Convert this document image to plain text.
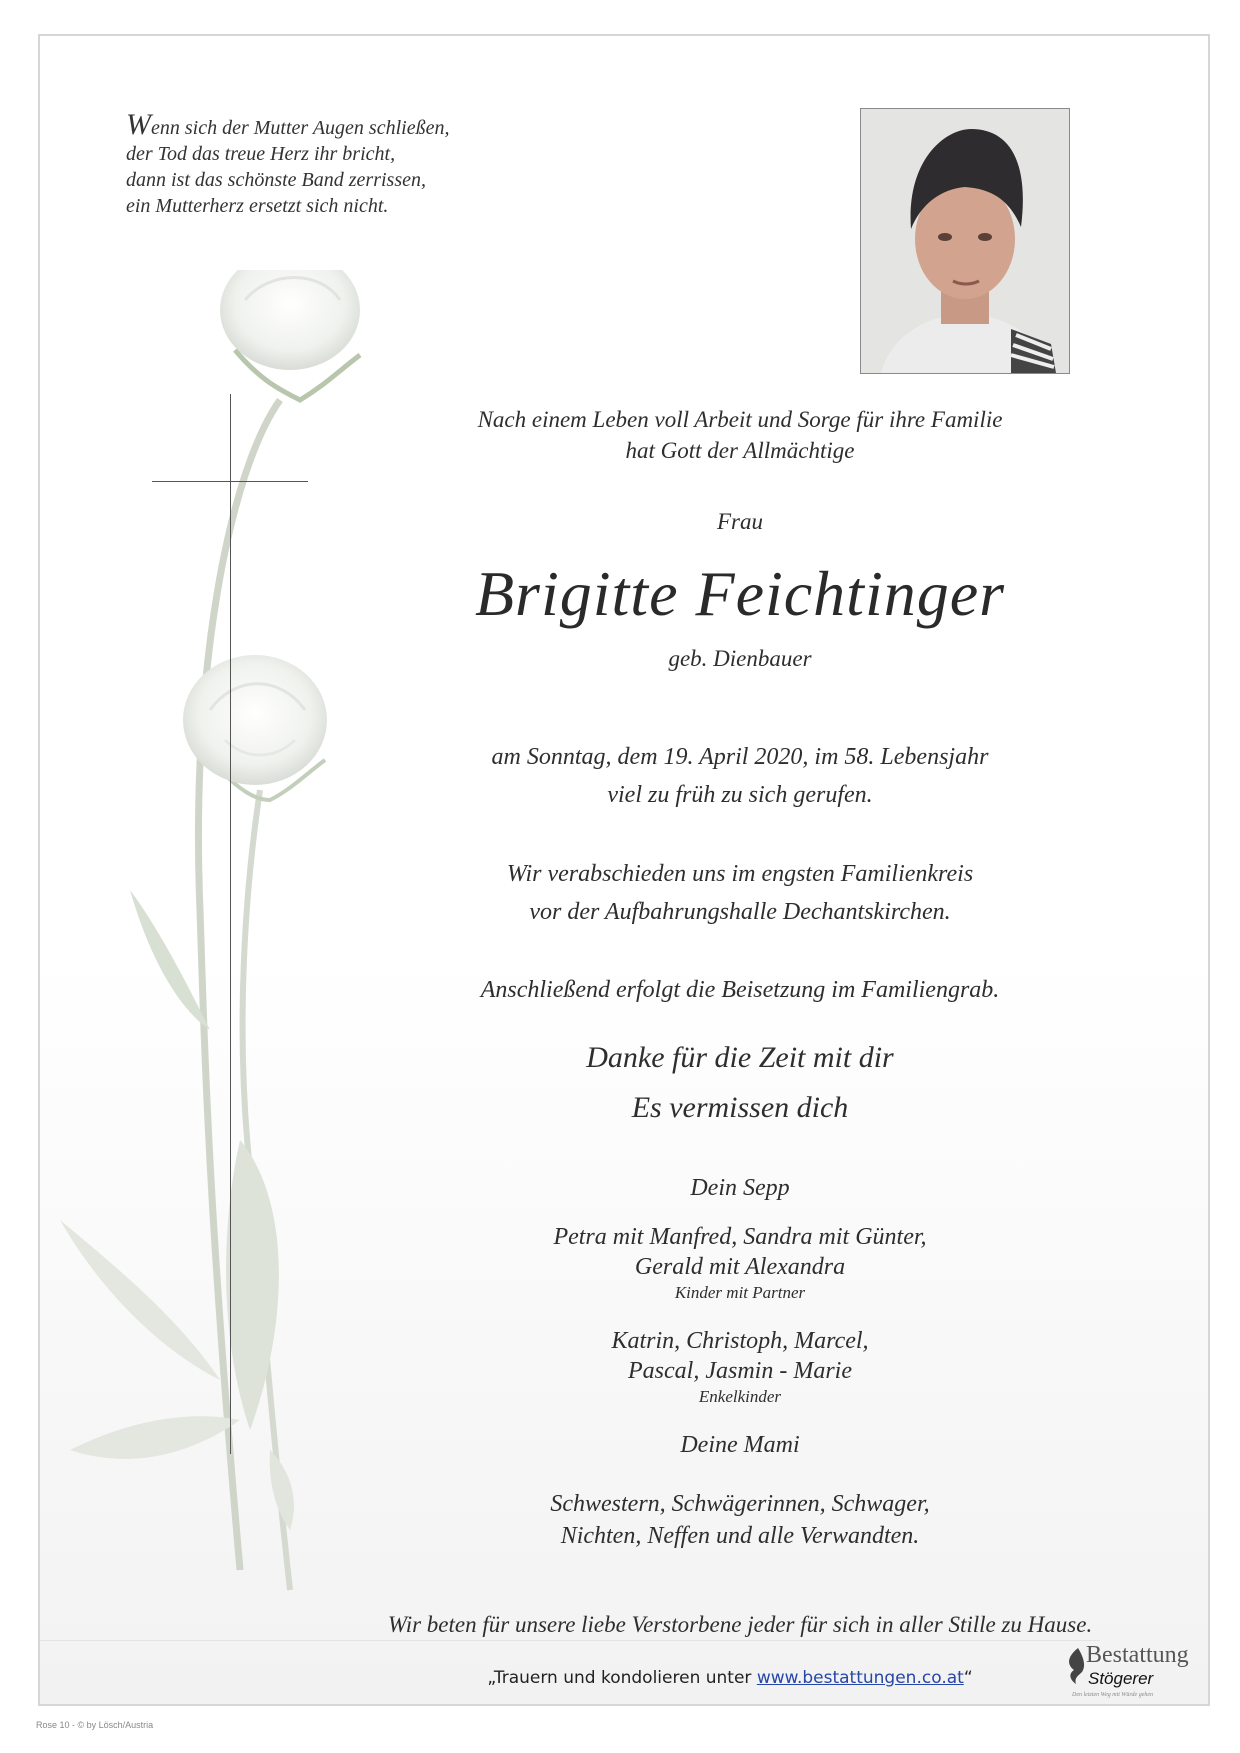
Wenn sich der Mutter Augen schließen,
der Tod das treue Herz ihr bricht,
dann ist das schönste Band zerrissen,
ein Mutterherz ersetzt sich nicht.
Nach einem Leben voll Arbeit und Sorge für ihre Familie
hat Gott der Allmächtige
Frau
Brigitte Feichtinger
geb. Dienbauer
am Sonntag, dem 19. April 2020, im 58. Lebensjahr
viel zu früh zu sich gerufen.
Wir verabschieden uns im engsten Familienkreis
vor der Aufbahrungshalle Dechantskirchen.
Anschließend erfolgt die Beisetzung im Familiengrab.
Danke für die Zeit mit dir
Es vermissen dich
Dein Sepp
Petra mit Manfred, Sandra mit Günter,
Gerald mit Alexandra
Kinder mit Partner
Katrin, Christoph, Marcel,
Pascal, Jasmin - Marie
Enkelkinder
Deine Mami
Schwestern, Schwägerinnen, Schwager,
Nichten, Neffen und alle Verwandten.
Wir beten für unsere liebe Verstorbene jeder für sich in aller Stille zu Hause.
„Trauern und kondolieren unter www.bestattungen.co.at“
Bestattung
Stögerer
Den letzten Weg mit Würde gehen
Rose 10 - © by Lösch/Austria
